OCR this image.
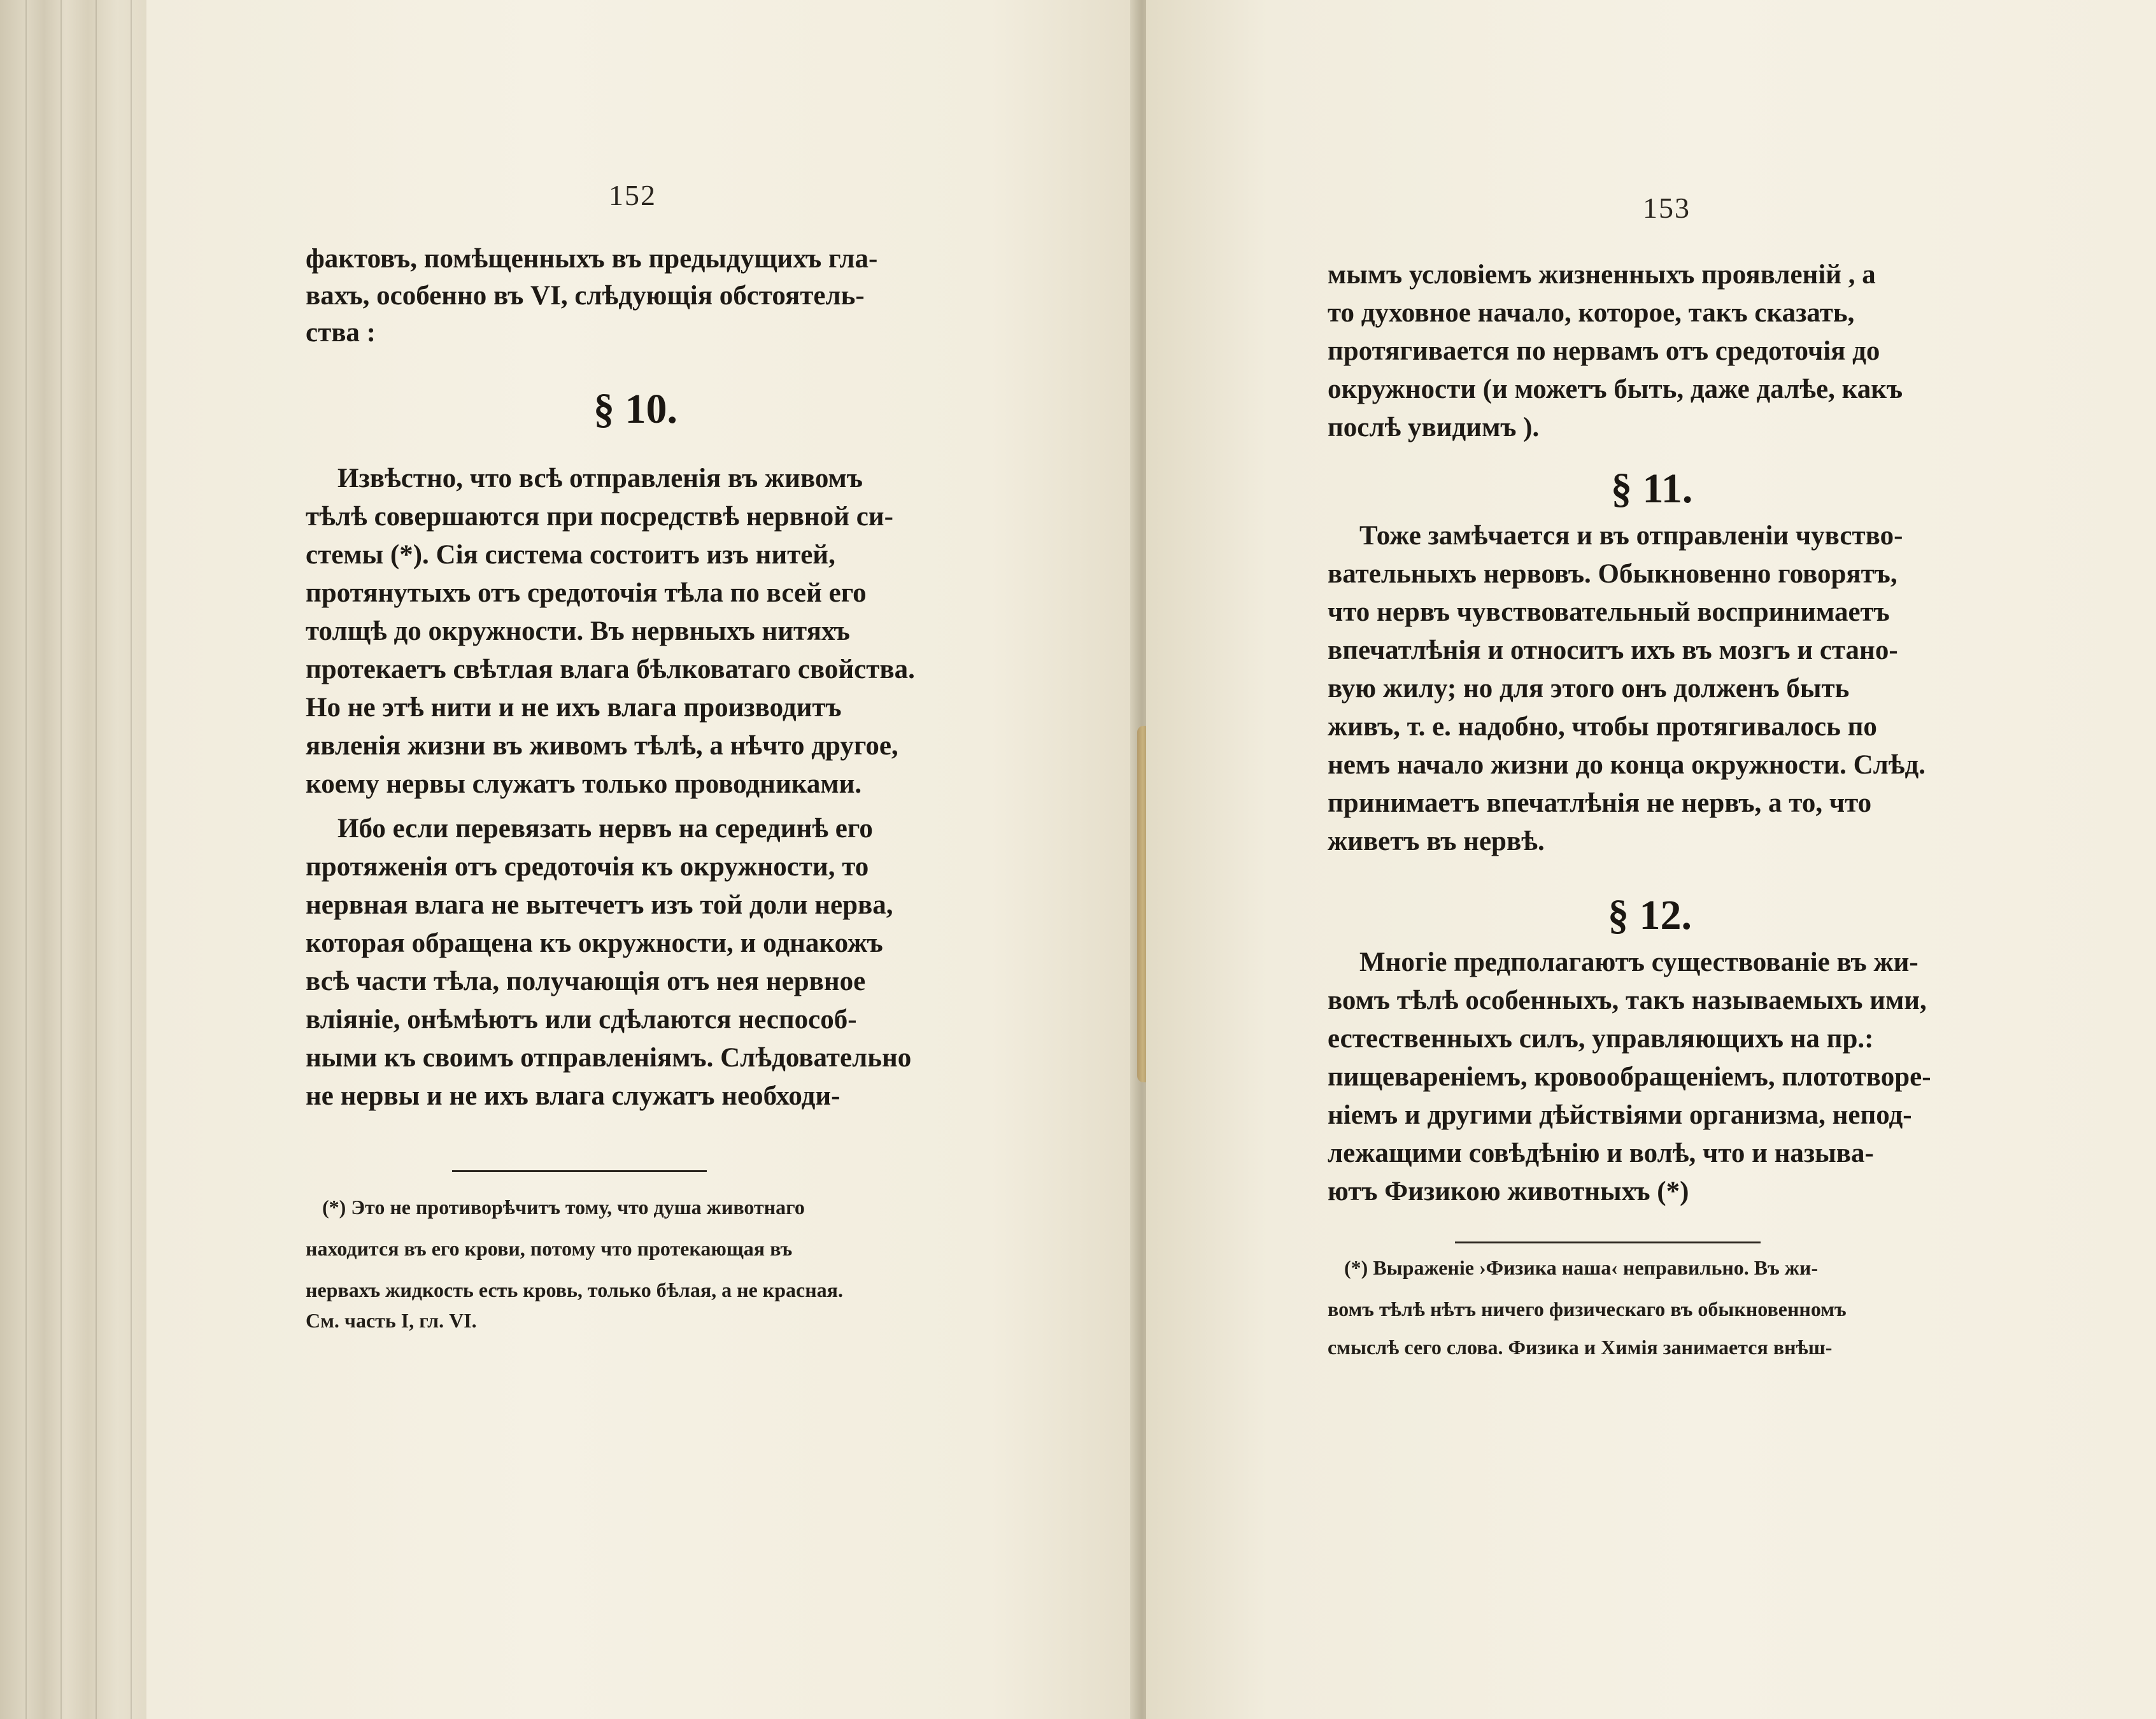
152
фактовъ, помѣщенныхъ въ предыдущихъ гла-
вахъ, особенно въ VI, слѣдующія обстоятель-
ства :
§ 10.
Извѣстно, что всѣ отправленія въ живомъ
тѣлѣ совершаются при посредствѣ нервной си-
стемы (*). Сія система состоитъ изъ нитей,
протянутыхъ отъ средоточія тѣла по всей его
толщѣ до окружности. Въ нервныхъ нитяхъ
протекаетъ свѣтлая влага бѣлковатаго свойства.
Но не этѣ нити и не ихъ влага производитъ
явленія жизни въ живомъ тѣлѣ, а нѣчто другое,
коему нервы служатъ только проводниками.
Ибо если перевязать нервъ на серединѣ его
протяженія отъ средоточія къ окружности, то
нервная влага не вытечетъ изъ той доли нерва,
которая обращена къ окружности, и однакожъ
всѣ части тѣла, получающія отъ нея нервное
вліяніе, онѣмѣютъ или сдѣлаются неспособ-
ными къ своимъ отправленіямъ. Слѣдовательно
не нервы и не ихъ влага служатъ необходи-
(*) Это не противорѣчитъ тому, что душа животнаго
находится въ его крови, потому что протекающая въ
нервахъ жидкость есть кровь, только бѣлая, а не красная.
См. часть I, гл. VI.
153
мымъ условіемъ жизненныхъ проявленій , а
то духовное начало, которое, такъ сказать,
протягивается по нервамъ отъ средоточія до
окружности (и можетъ быть, даже далѣе, какъ
послѣ увидимъ ).
§ 11.
Тоже замѣчается и въ отправленіи чувство-
вательныхъ нервовъ. Обыкновенно говорятъ,
что нервъ чувствовательный воспринимаетъ
впечатлѣнія и относитъ ихъ въ мозгъ и стано-
вую жилу; но для этого онъ долженъ быть
живъ, т. е. надобно, чтобы протягивалось по
немъ начало жизни до конца окружности. Слѣд.
принимаетъ впечатлѣнія не нервъ, а то, что
живетъ въ нервѣ.
§ 12.
Многіе предполагаютъ существованіе въ жи-
вомъ тѣлѣ особенныхъ, такъ называемыхъ ими,
естественныхъ силъ, управляющихъ на пр.:
пищевареніемъ, кровообращеніемъ, плототворе-
ніемъ и другими дѣйствіями организма, непод-
лежащими совѣдѣнію и волѣ, что и называ-
ютъ Физикою животныхъ (*)
(*) Выраженіе ›Физика наша‹ неправильно. Въ жи-
вомъ тѣлѣ нѣтъ ничего физическаго въ обыкновенномъ
смыслѣ сего слова. Физика и Химія занимается внѣш-
